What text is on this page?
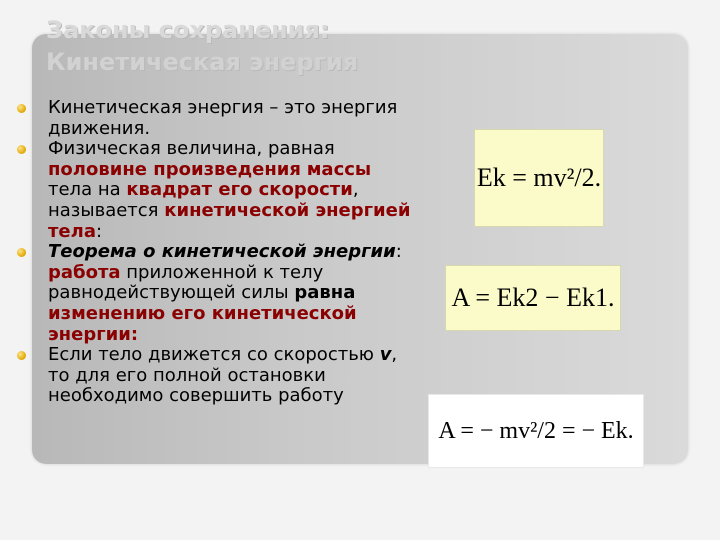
Законы сохранения:
Кинетическая энергия
Кинетическая энергия – это энергия движения.
Физическая величина, равная половине произведения массы тела на квадрат его скорости, называется кинетической энергией тела:
Теорема о кинетической энергии: работа приложенной к телу равнодействующей силы равна изменению его кинетической энергии:
Если тело движется со скоростью v, то для его полной остановки необходимо совершить работу
Ek = mv²/2.
A = Ek2 − Ek1.
A = − mv²/2 = − Ek.
